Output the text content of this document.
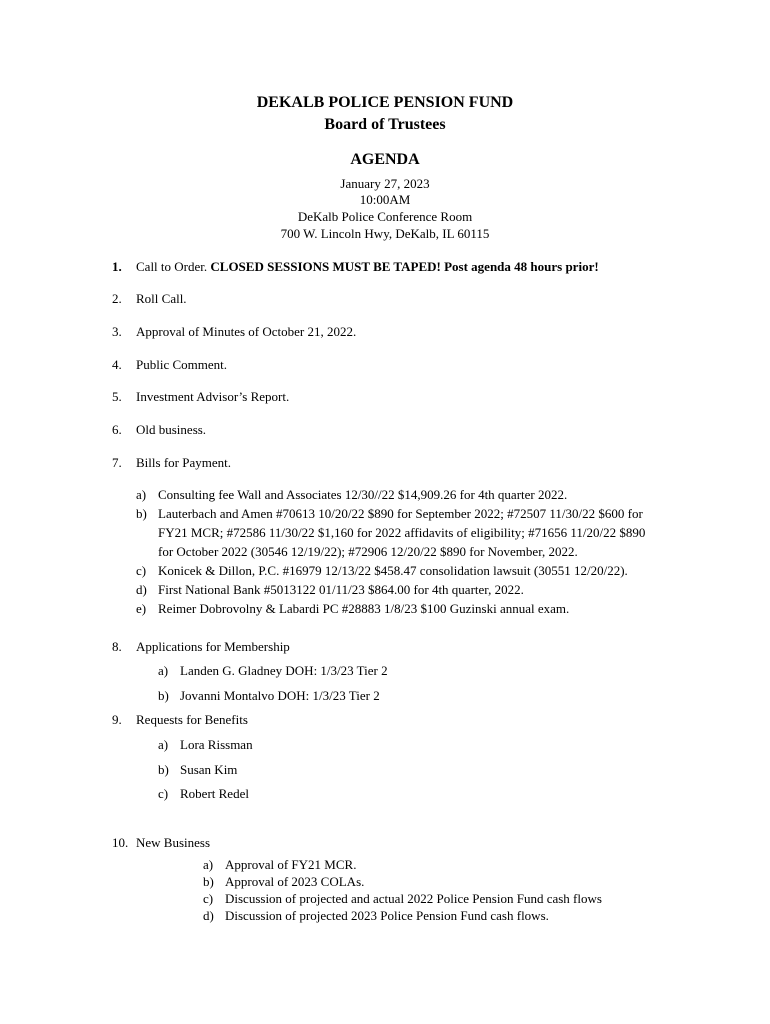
DEKALB POLICE PENSION FUND
Board of Trustees
AGENDA
January 27, 2023
10:00AM
DeKalb Police Conference Room
700 W. Lincoln Hwy, DeKalb, IL 60115
1. Call to Order. CLOSED SESSIONS MUST BE TAPED! Post agenda 48 hours prior!
2. Roll Call.
3. Approval of Minutes of October 21, 2022.
4. Public Comment.
5. Investment Advisor’s Report.
6. Old business.
7. Bills for Payment.
a) Consulting fee Wall and Associates 12/30//22 $14,909.26 for 4th quarter 2022.
b) Lauterbach and Amen #70613 10/20/22 $890 for September 2022; #72507 11/30/22 $600 for
FY21 MCR; #72586 11/30/22 $1,160 for 2022 affidavits of eligibility; #71656 11/20/22 $890
for October 2022 (30546 12/19/22); #72906 12/20/22 $890 for November, 2022.
c) Konicek & Dillon, P.C. #16979 12/13/22 $458.47 consolidation lawsuit (30551 12/20/22).
d) First National Bank #5013122 01/11/23 $864.00 for 4th quarter, 2022.
e) Reimer Dobrovolny & Labardi PC #28883 1/8/23 $100 Guzinski annual exam.
8. Applications for Membership
a) Landen G. Gladney DOH: 1/3/23 Tier 2
b) Jovanni Montalvo DOH: 1/3/23 Tier 2
9. Requests for Benefits
a) Lora Rissman
b) Susan Kim
c) Robert Redel
10. New Business
a) Approval of FY21 MCR.
b) Approval of 2023 COLAs.
c) Discussion of projected and actual 2022 Police Pension Fund cash flows
d) Discussion of projected 2023 Police Pension Fund cash flows.
